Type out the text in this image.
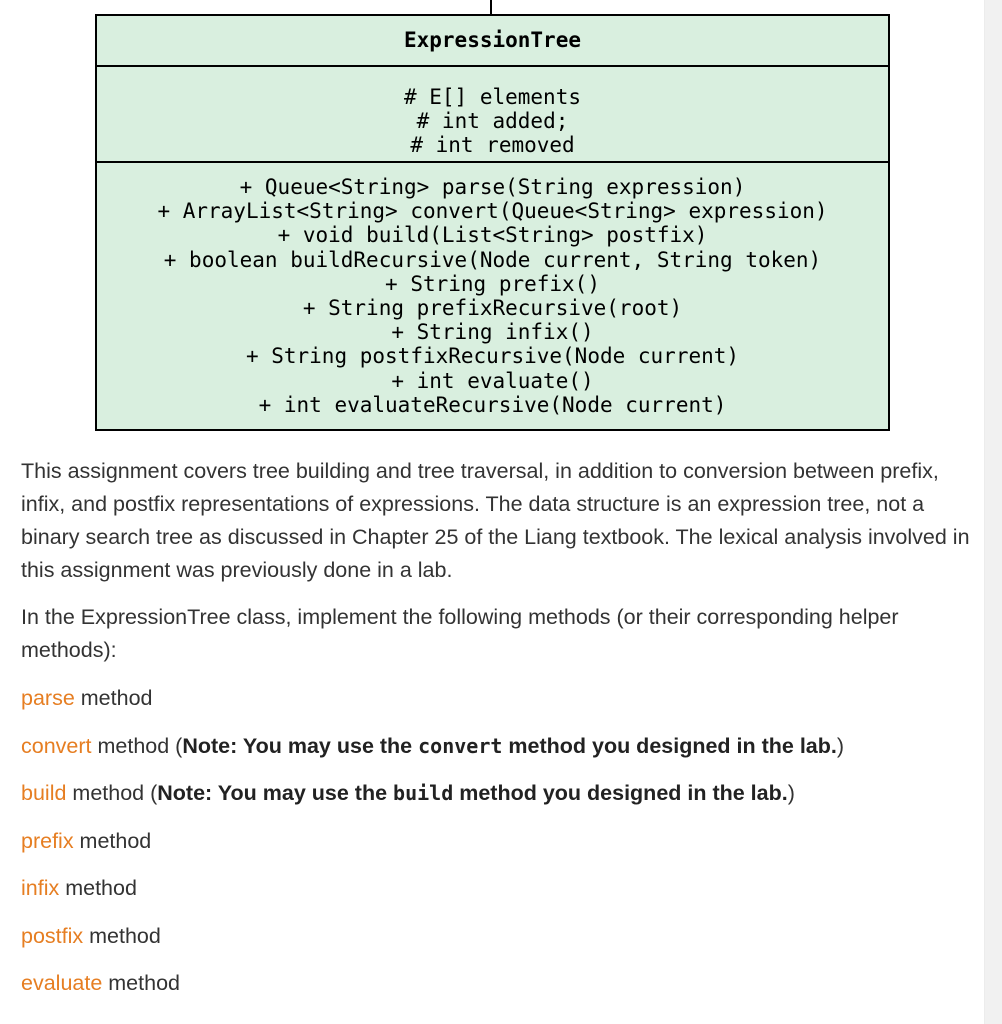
ExpressionTree
# E[] elements
# int added;
# int removed
+ Queue<String> parse(String expression)
+ ArrayList<String> convert(Queue<String> expression)
+ void build(List<String> postfix)
+ boolean buildRecursive(Node current, String token)
+ String prefix()
+ String prefixRecursive(root)
+ String infix()
+ String postfixRecursive(Node current)
+ int evaluate()
+ int evaluateRecursive(Node current)

This assignment covers tree building and tree traversal, in addition to conversion between prefix, infix, and postfix representations of expressions. The data structure is an expression tree, not a binary search tree as discussed in Chapter 25 of the Liang textbook. The lexical analysis involved in this assignment was previously done in a lab.

In the ExpressionTree class, implement the following methods (or their corresponding helper methods):

parse method

convert method (Note: You may use the convert method you designed in the lab.)

build method (Note: You may use the build method you designed in the lab.)

prefix method

infix method

postfix method

evaluate method
